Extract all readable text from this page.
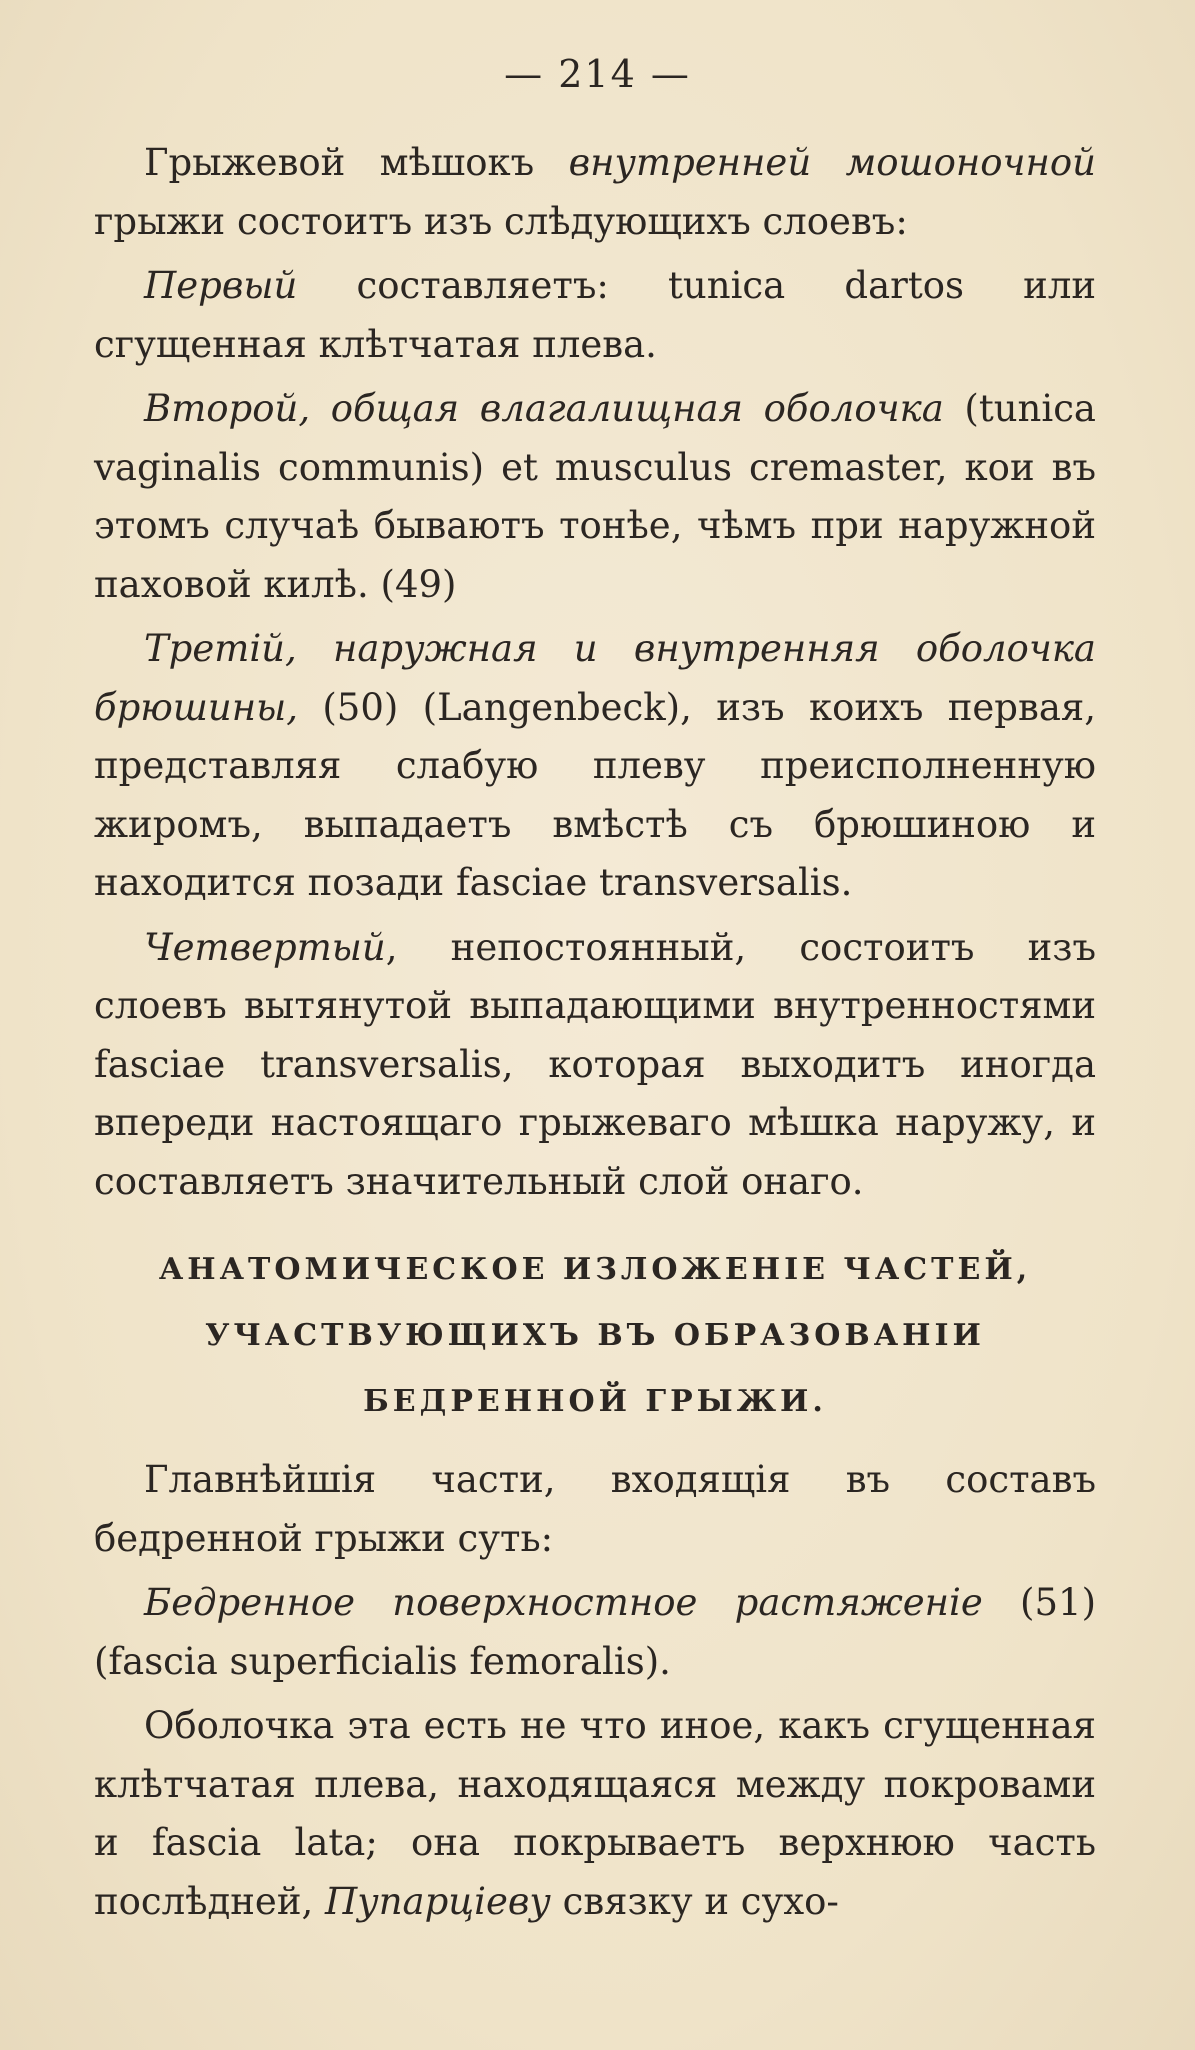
— 214 —

Грыжевой мѣшокъ внутренней мошоночной грыжи состоитъ изъ слѣдующихъ слоевъ:

Первый составляетъ: tunica dartos или сгущенная клѣтчатая плева.

Второй, общая влагалищная оболочка (tunica vaginalis communis) et musculus cremaster, кои въ этомъ случаѣ бываютъ тонѣе, чѣмъ при наружной паховой килѣ. (49)

Третій, наружная и внутренняя оболочка брюшины, (50) (Langenbeck), изъ коихъ первая, представляя слабую плеву преисполненную жиромъ, выпадаетъ вмѣстѣ съ брюшиною и находится позади fasciae transversalis.

Четвертый, непостоянный, состоитъ изъ слоевъ вытянутой выпадающими внутренностями fasciae transversalis, которая выходитъ иногда впереди настоящаго грыжеваго мѣшка наружу, и составляетъ значительный слой онаго.

АНАТОМИЧЕСКОЕ ИЗЛОЖЕНІЕ ЧАСТЕЙ, УЧАСТВУЮЩИХЪ ВЪ ОБРАЗОВАНІИ БЕДРЕННОЙ ГРЫЖИ.

Главнѣйшія части, входящія въ составъ бедренной грыжи суть:

Бедренное поверхностное растяженіе (51) (fascia superficialis femoralis).

Оболочка эта есть не что иное, какъ сгущенная клѣтчатая плева, находящаяся между покровами и fascia lata; она покрываетъ верхнюю часть послѣдней, Пупарціеву связку и сухо-
